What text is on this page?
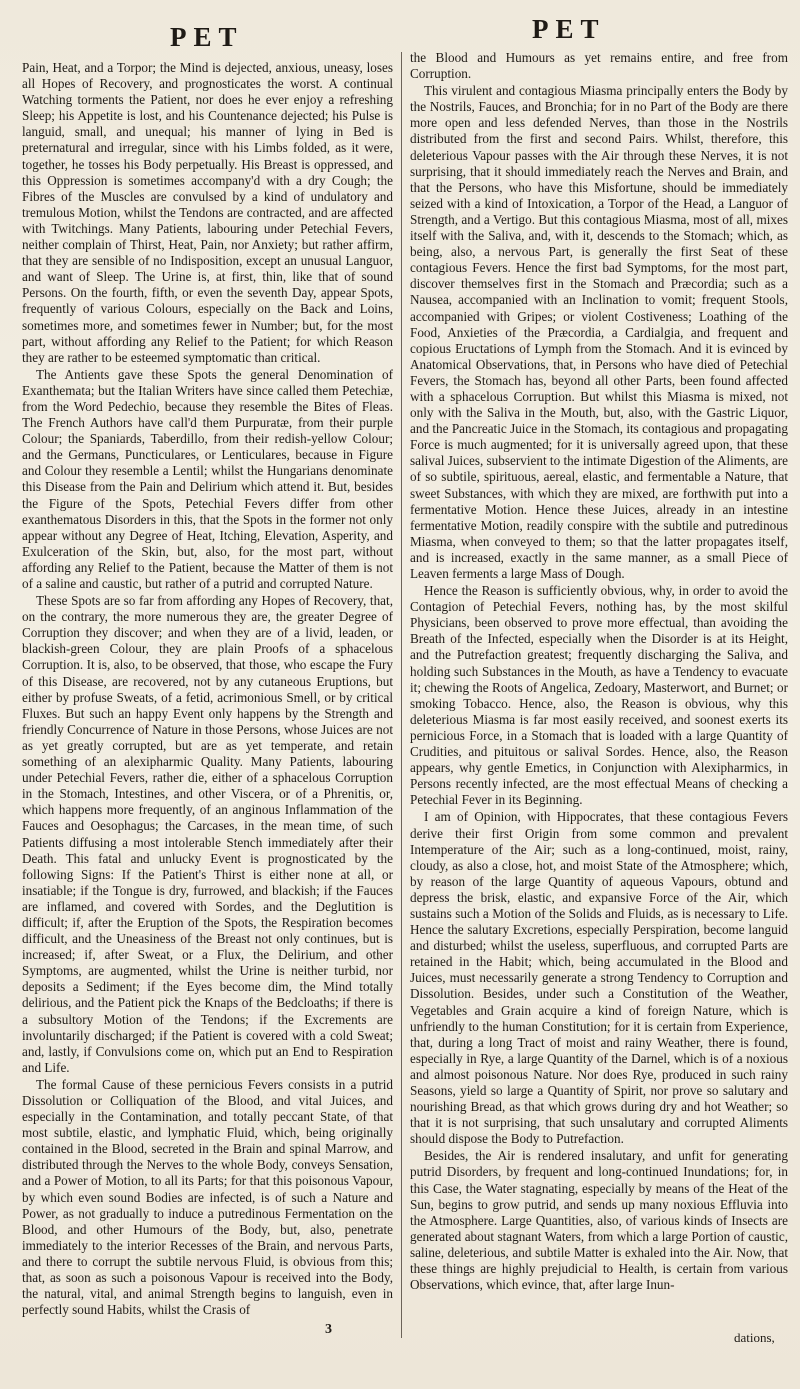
PET	PET

Pain, Heat, and a Torpor; the Mind is dejected, anxious, uneasy, loses all Hopes of Recovery, and prognosticates the worst. A continual Watching torments the Patient, nor does he ever enjoy a refreshing Sleep; his Appetite is lost, and his Countenance dejected; his Pulse is languid, small, and unequal; his manner of lying in Bed is preternatural and irregular, since with his Limbs folded, as it were, together, he tosses his Body perpetually. His Breast is oppressed, and this Oppression is sometimes accompany'd with a dry Cough; the Fibres of the Muscles are convulsed by a kind of undulatory and tremulous Motion, whilst the Tendons are contracted, and are affected with Twitchings. Many Patients, labouring under Petechial Fevers, neither complain of Thirst, Heat, Pain, nor Anxiety; but rather affirm, that they are sensible of no Indisposition, except an unusual Languor, and want of Sleep. The Urine is, at first, thin, like that of sound Persons. On the fourth, fifth, or even the seventh Day, appear Spots, frequently of various Colours, especially on the Back and Loins, sometimes more, and sometimes fewer in Number; but, for the most part, without affording any Relief to the Patient; for which Reason they are rather to be esteemed symptomatic than critical.

The Antients gave these Spots the general Denomination of Exanthemata; but the Italian Writers have since called them Petechiæ, from the Word Pedechio, because they resemble the Bites of Fleas. The French Authors have call'd them Purpuratæ, from their purple Colour; the Spaniards, Taberdillo, from their redish-yellow Colour; and the Germans, Puncticulares, or Lenticulares, because in Figure and Colour they resemble a Lentil; whilst the Hungarians denominate this Disease from the Pain and Delirium which attend it. But, besides the Figure of the Spots, Petechial Fevers differ from other exanthematous Disorders in this, that the Spots in the former not only appear without any Degree of Heat, Itching, Elevation, Asperity, and Exulceration of the Skin, but, also, for the most part, without affording any Relief to the Patient, because the Matter of them is not of a saline and caustic, but rather of a putrid and corrupted Nature.

These Spots are so far from affording any Hopes of Recovery, that, on the contrary, the more numerous they are, the greater Degree of Corruption they discover; and when they are of a livid, leaden, or blackish-green Colour, they are plain Proofs of a sphacelous Corruption. It is, also, to be observed, that those, who escape the Fury of this Disease, are recovered, not by any cutaneous Eruptions, but either by profuse Sweats, of a fetid, acrimonious Smell, or by critical Fluxes. But such an happy Event only happens by the Strength and friendly Concurrence of Nature in those Persons, whose Juices are not as yet greatly corrupted, but are as yet temperate, and retain something of an alexipharmic Quality. Many Patients, labouring under Petechial Fevers, rather die, either of a sphacelous Corruption in the Stomach, Intestines, and other Viscera, or of a Phrenitis, or, which happens more frequently, of an anginous Inflammation of the Fauces and Oesophagus; the Carcases, in the mean time, of such Patients diffusing a most intolerable Stench immediately after their Death. This fatal and unlucky Event is prognosticated by the following Signs: If the Patient's Thirst is either none at all, or insatiable; if the Tongue is dry, furrowed, and blackish; if the Fauces are inflamed, and covered with Sordes, and the Deglutition is difficult; if, after the Eruption of the Spots, the Respiration becomes difficult, and the Uneasiness of the Breast not only continues, but is increased; if, after Sweat, or a Flux, the Delirium, and other Symptoms, are augmented, whilst the Urine is neither turbid, nor deposits a Sediment; if the Eyes become dim, the Mind totally delirious, and the Patient pick the Knaps of the Bedcloaths; if there is a subsultory Motion of the Tendons; if the Excrements are involuntarily discharged; if the Patient is covered with a cold Sweat; and, lastly, if Convulsions come on, which put an End to Respiration and Life.

The formal Cause of these pernicious Fevers consists in a putrid Dissolution or Colliquation of the Blood, and vital Juices, and especially in the Contamination, and totally peccant State, of that most subtile, elastic, and lymphatic Fluid, which, being originally contained in the Blood, secreted in the Brain and spinal Marrow, and distributed through the Nerves to the whole Body, conveys Sensation, and a Power of Motion, to all its Parts; for that this poisonous Vapour, by which even sound Bodies are infected, is of such a Nature and Power, as not gradually to induce a putredinous Fermentation on the Blood, and other Humours of the Body, but, also, penetrate immediately to the interior Recesses of the Brain, and nervous Parts, and there to corrupt the subtile nervous Fluid, is obvious from this; that, as soon as such a poisonous Vapour is received into the Body, the natural, vital, and animal Strength begins to languish, even in perfectly sound Habits, whilst the Crasis of

the Blood and Humours as yet remains entire, and free from Corruption.

This virulent and contagious Miasma principally enters the Body by the Nostrils, Fauces, and Bronchia; for in no Part of the Body are there more open and less defended Nerves, than those in the Nostrils distributed from the first and second Pairs. Whilst, therefore, this deleterious Vapour passes with the Air through these Nerves, it is not surprising, that it should immediately reach the Nerves and Brain, and that the Persons, who have this Misfortune, should be immediately seized with a kind of Intoxication, a Torpor of the Head, a Languor of Strength, and a Vertigo. But this contagious Miasma, most of all, mixes itself with the Saliva, and, with it, descends to the Stomach; which, as being, also, a nervous Part, is generally the first Seat of these contagious Fevers. Hence the first bad Symptoms, for the most part, discover themselves first in the Stomach and Præcordia; such as a Nausea, accompanied with an Inclination to vomit; frequent Stools, accompanied with Gripes; or violent Costiveness; Loathing of the Food, Anxieties of the Præcordia, a Cardialgia, and frequent and copious Eructations of Lymph from the Stomach. And it is evinced by Anatomical Observations, that, in Persons who have died of Petechial Fevers, the Stomach has, beyond all other Parts, been found affected with a sphacelous Corruption. But whilst this Miasma is mixed, not only with the Saliva in the Mouth, but, also, with the Gastric Liquor, and the Pancreatic Juice in the Stomach, its contagious and propagating Force is much augmented; for it is universally agreed upon, that these salival Juices, subservient to the intimate Digestion of the Aliments, are of so subtile, spirituous, aereal, elastic, and fermentable a Nature, that sweet Substances, with which they are mixed, are forthwith put into a fermentative Motion. Hence these Juices, already in an intestine fermentative Motion, readily conspire with the subtile and putredinous Miasma, when conveyed to them; so that the latter propagates itself, and is increased, exactly in the same manner, as a small Piece of Leaven ferments a large Mass of Dough.

Hence the Reason is sufficiently obvious, why, in order to avoid the Contagion of Petechial Fevers, nothing has, by the most skilful Physicians, been observed to prove more effectual, than avoiding the Breath of the Infected, especially when the Disorder is at its Height, and the Putrefaction greatest; frequently discharging the Saliva, and holding such Substances in the Mouth, as have a Tendency to evacuate it; chewing the Roots of Angelica, Zedoary, Masterwort, and Burnet; or smoking Tobacco. Hence, also, the Reason is obvious, why this deleterious Miasma is far most easily received, and soonest exerts its pernicious Force, in a Stomach that is loaded with a large Quantity of Crudities, and pituitous or salival Sordes. Hence, also, the Reason appears, why gentle Emetics, in Conjunction with Alexipharmics, in Persons recently infected, are the most effectual Means of checking a Petechial Fever in its Beginning.

I am of Opinion, with Hippocrates, that these contagious Fevers derive their first Origin from some common and prevalent Intemperature of the Air; such as a long-continued, moist, rainy, cloudy, as also a close, hot, and moist State of the Atmosphere; which, by reason of the large Quantity of aqueous Vapours, obtund and depress the brisk, elastic, and expansive Force of the Air, which sustains such a Motion of the Solids and Fluids, as is necessary to Life. Hence the salutary Excretions, especially Perspiration, become languid and disturbed; whilst the useless, superfluous, and corrupted Parts are retained in the Habit; which, being accumulated in the Blood and Juices, must necessarily generate a strong Tendency to Corruption and Dissolution. Besides, under such a Constitution of the Weather, Vegetables and Grain acquire a kind of foreign Nature, which is unfriendly to the human Constitution; for it is certain from Experience, that, during a long Tract of moist and rainy Weather, there is found, especially in Rye, a large Quantity of the Darnel, which is of a noxious and almost poisonous Nature. Nor does Rye, produced in such rainy Seasons, yield so large a Quantity of Spirit, nor prove so salutary and nourishing Bread, as that which grows during dry and hot Weather; so that it is not surprising, that such unsalutary and corrupted Aliments should dispose the Body to Putrefaction.

Besides, the Air is rendered insalutary, and unfit for generating putrid Disorders, by frequent and long-continued Inundations; for, in this Case, the Water stagnating, especially by means of the Heat of the Sun, begins to grow putrid, and sends up many noxious Effluvia into the Atmosphere. Large Quantities, also, of various kinds of Insects are generated about stagnant Waters, from which a large Portion of caustic, saline, deleterious, and subtile Matter is exhaled into the Air. Now, that these things are highly prejudicial to Health, is certain from various Observations, which evince, that, after large Inun-

3
dations,
